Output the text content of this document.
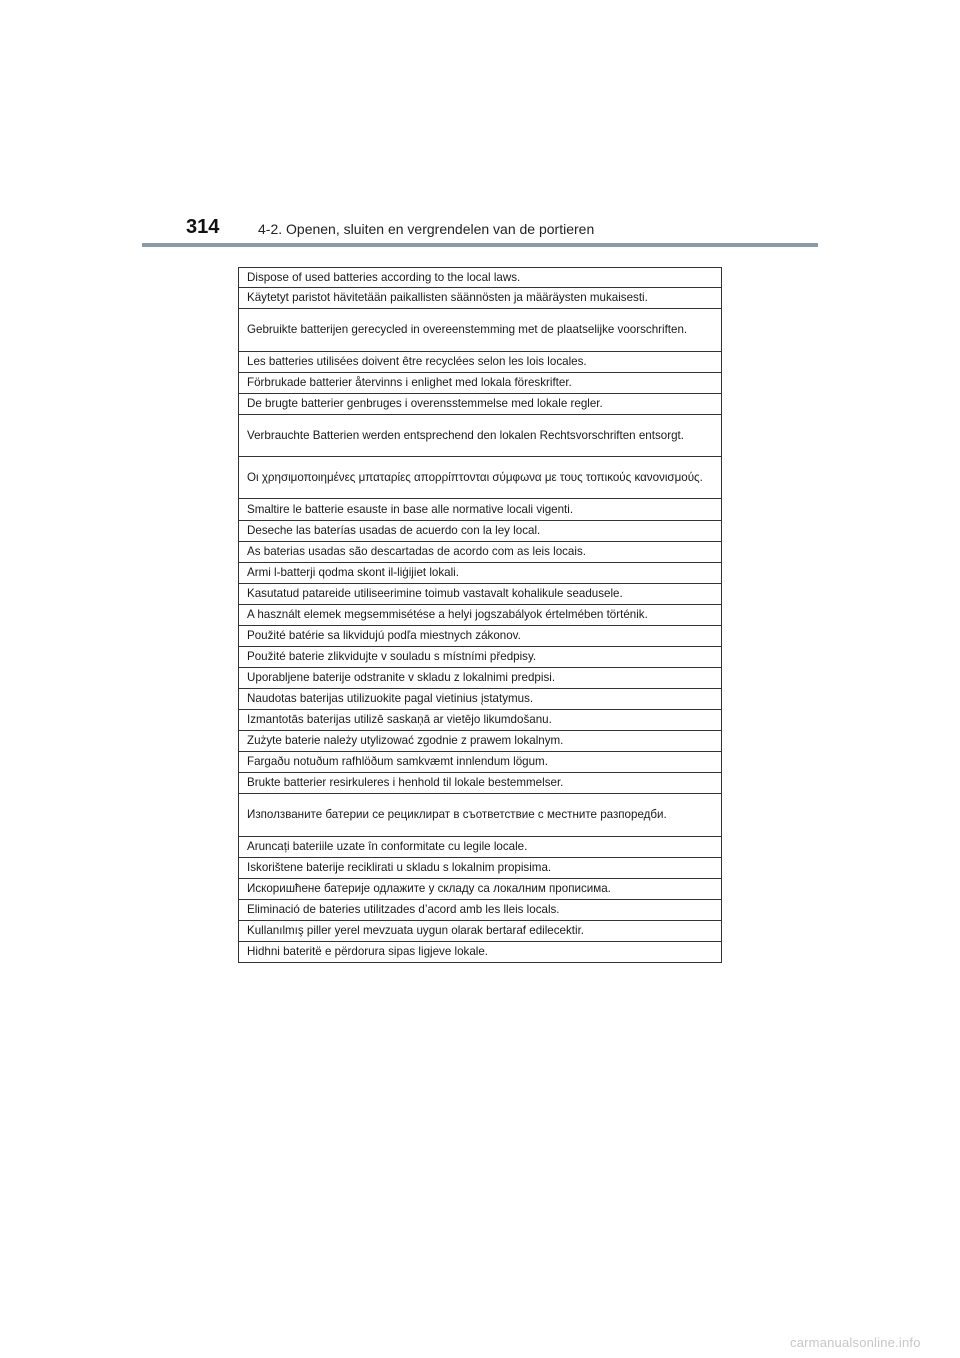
314	4-2. Openen, sluiten en vergrendelen van de portieren
Dispose of used batteries according to the local laws.
Käytetyt paristot hävitetään paikallisten säännösten ja määräysten mukaisesti.
Gebruikte batterijen gerecycled in overeenstemming met de plaatselijke voorschriften.
Les batteries utilisées doivent être recyclées selon les lois locales.
Förbrukade batterier återvinns i enlighet med lokala föreskrifter.
De brugte batterier genbruges i overensstemmelse med lokale regler.
Verbrauchte Batterien werden entsprechend den lokalen Rechtsvorschriften entsorgt.
Οι χρησιμοποιημένες μπαταρίες απορρίπτονται σύμφωνα με τους τοπικούς κανονισμούς.
Smaltire le batterie esauste in base alle normative locali vigenti.
Deseche las baterías usadas de acuerdo con la ley local.
As baterias usadas são descartadas de acordo com as leis locais.
Armi l-batterji qodma skont il-liġijiet lokali.
Kasutatud patareide utiliseerimine toimub vastavalt kohalikule seadusele.
A használt elemek megsemmisétése a helyi jogszabályok értelmében történik.
Použité batérie sa likvidujú podľa miestnych zákonov.
Použité baterie zlikvidujte v souladu s místními předpisy.
Uporabljene baterije odstranite v skladu z lokalnimi predpisi.
Naudotas baterijas utilizuokite pagal vietinius įstatymus.
Izmantotās baterijas utilizē saskaņā ar vietējo likumdošanu.
Zużyte baterie należy utylizować zgodnie z prawem lokalnym.
Fargaðu notuðum rafhlöðum samkvæmt innlendum lögum.
Brukte batterier resirkuleres i henhold til lokale bestemmelser.
Използваните батерии се рециклират в съответствие с местните разпоредби.
Aruncați bateriile uzate în conformitate cu legile locale.
Iskorištene baterije reciklirati u skladu s lokalnim propisima.
Искоришћене батерије одлажите у складу са локалним прописима.
Eliminació de bateries utilitzades d’acord amb les lleis locals.
Kullanılmış piller yerel mevzuata uygun olarak bertaraf edilecektir.
Hidhni bateritë e përdorura sipas ligjeve lokale.
carmanualsonline.info
